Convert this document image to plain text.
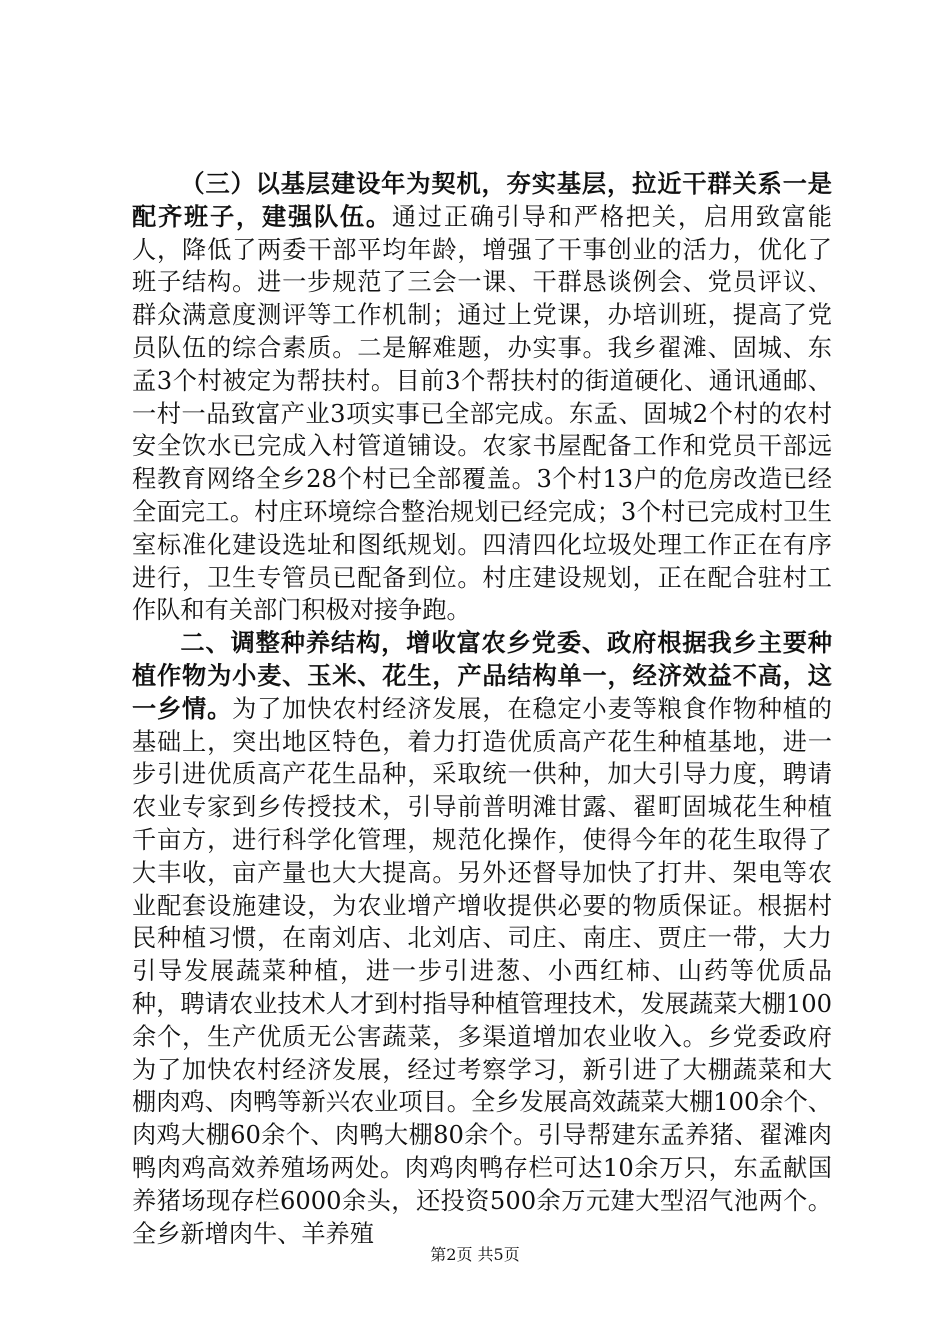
（三）以基层建设年为契机，夯实基层，拉近干群关系一是配齐班子，建强队伍。通过正确引导和严格把关，启用致富能人，降低了两委干部平均年龄，增强了干事创业的活力，优化了班子结构。进一步规范了三会一课、干群恳谈例会、党员评议、群众满意度测评等工作机制；通过上党课，办培训班，提高了党员队伍的综合素质。二是解难题，办实事。我乡翟滩、固城、东孟3个村被定为帮扶村。目前3个帮扶村的街道硬化、通讯通邮、一村一品致富产业3项实事已全部完成。东孟、固城2个村的农村安全饮水已完成入村管道铺设。农家书屋配备工作和党员干部远程教育网络全乡28个村已全部覆盖。3个村13户的危房改造已经全面完工。村庄环境综合整治规划已经完成；3个村已完成村卫生室标准化建设选址和图纸规划。四清四化垃圾处理工作正在有序进行，卫生专管员已配备到位。村庄建设规划，正在配合驻村工作队和有关部门积极对接争跑。

二、调整种养结构，增收富农乡党委、政府根据我乡主要种植作物为小麦、玉米、花生，产品结构单一，经济效益不高，这一乡情。为了加快农村经济发展，在稳定小麦等粮食作物种植的基础上，突出地区特色，着力打造优质高产花生种植基地，进一步引进优质高产花生品种，采取统一供种，加大引导力度，聘请农业专家到乡传授技术，引导前普明滩甘露、翟町固城花生种植千亩方，进行科学化管理，规范化操作，使得今年的花生取得了大丰收，亩产量也大大提高。另外还督导加快了打井、架电等农业配套设施建设，为农业增产增收提供必要的物质保证。根据村民种植习惯，在南刘店、北刘店、司庄、南庄、贾庄一带，大力引导发展蔬菜种植，进一步引进葱、小西红柿、山药等优质品种，聘请农业技术人才到村指导种植管理技术，发展蔬菜大棚100余个，生产优质无公害蔬菜，多渠道增加农业收入。乡党委政府为了加快农村经济发展，经过考察学习，新引进了大棚蔬菜和大棚肉鸡、肉鸭等新兴农业项目。全乡发展高效蔬菜大棚100余个、肉鸡大棚60余个、肉鸭大棚80余个。引导帮建东孟养猪、翟滩肉鸭肉鸡高效养殖场两处。肉鸡肉鸭存栏可达10余万只，东孟献国养猪场现存栏6000余头，还投资500余万元建大型沼气池两个。全乡新增肉牛、羊养殖

第2页 共5页
